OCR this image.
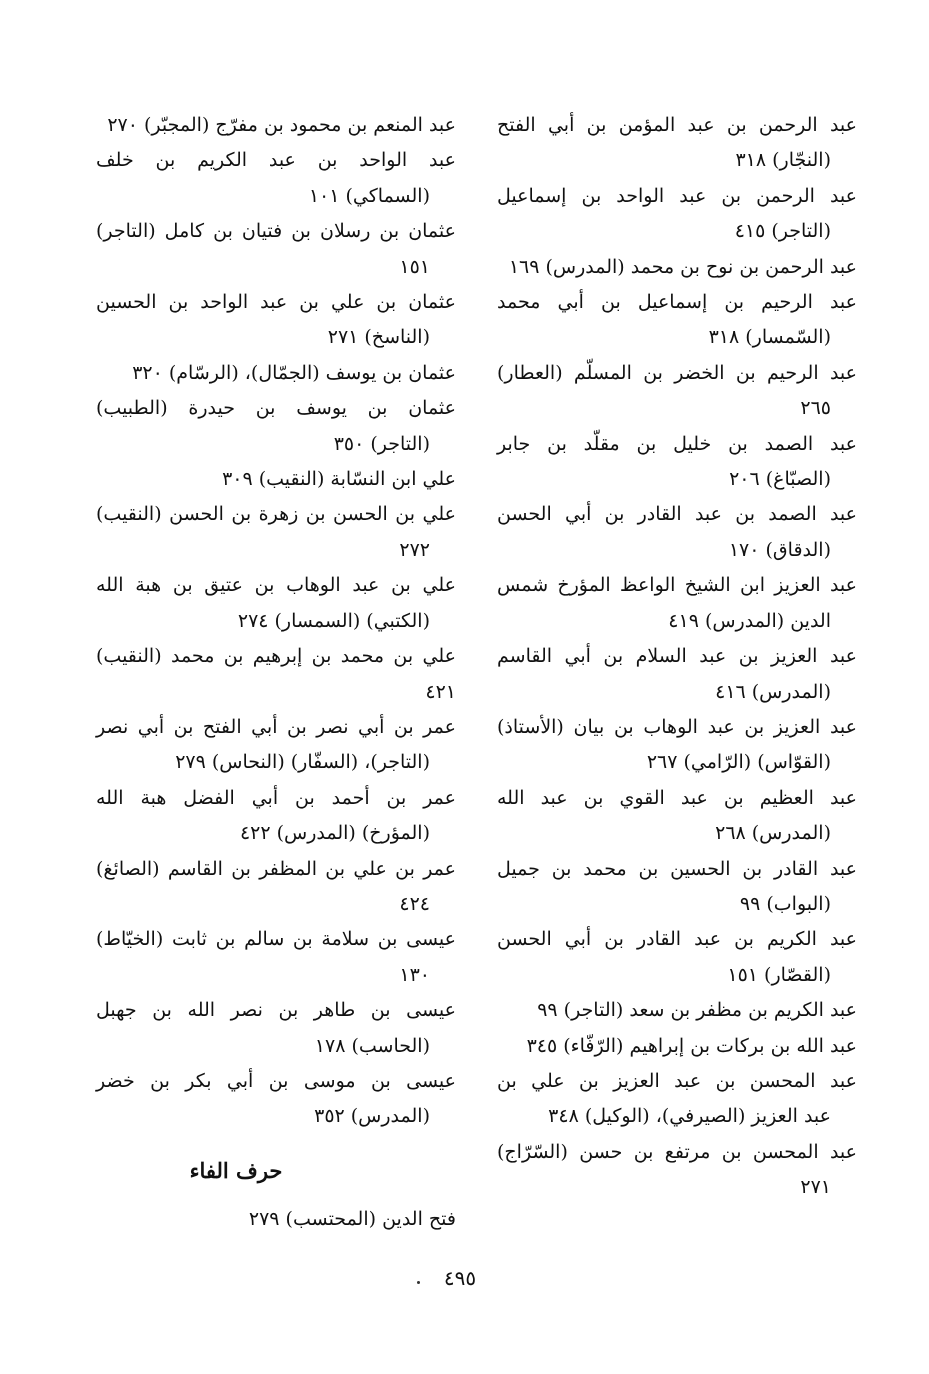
عبد الرحمن بن عبد المؤمن بن أبي الفتح
(النجّار) ٣١٨
عبد الرحمن بن عبد الواحد بن إسماعيل
(التاجر) ٤١٥
عبد الرحمن بن نوح بن محمد (المدرس) ١٦٩
عبد الرحيم بن إسماعيل بن أبي محمد
(السّمسار) ٣١٨
عبد الرحيم بن الخضر بن المسلّم (العطار)
٢٦٥
عبد الصمد بن خليل بن مقلّد بن جابر
(الصبّاغ) ٢٠٦
عبد الصمد بن عبد القادر بن أبي الحسن
(الدقاق) ١٧٠
عبد العزيز ابن الشيخ الواعظ المؤرخ شمس
الدين (المدرس) ٤١٩
عبد العزيز بن عبد السلام بن أبي القاسم
(المدرس) ٤١٦
عبد العزيز بن عبد الوهاب بن بيان (الأستاذ)
(القوّاس) (الرّامي) ٢٦٧
عبد العظيم بن عبد القوي بن عبد الله
(المدرس) ٢٦٨
عبد القادر بن الحسين بن محمد بن جميل
(البواب) ٩٩
عبد الكريم بن عبد القادر بن أبي الحسن
(القصّار) ١٥١
عبد الكريم بن مظفر بن سعد (التاجر) ٩٩
عبد الله بن بركات بن إبراهيم (الرّفّاء) ٣٤٥
عبد المحسن بن عبد العزيز بن علي بن
عبد العزيز (الصيرفي)، (الوكيل) ٣٤٨
عبد المحسن بن مرتفع بن حسن (السّرّاج)
٢٧١
عبد المنعم بن محمود بن مفرّج (المجبّر) ٢٧٠
عبد الواحد بن عبد الكريم بن خلف
(السماكي) ١٠١
عثمان بن رسلان بن فتيان بن كامل (التاجر)
١٥١
عثمان بن علي بن عبد الواحد بن الحسين
(الناسخ) ٢٧١
عثمان بن يوسف (الجمّال)، (الرسّام) ٣٢٠
عثمان بن يوسف بن حيدرة (الطبيب)
(التاجر) ٣٥٠
علي ابن النسّابة (النقيب) ٣٠٩
علي بن الحسن بن زهرة بن الحسن (النقيب)
٢٧٢
علي بن عبد الوهاب بن عتيق بن هبة الله
(الكتبي) (السمسار) ٢٧٤
علي بن محمد بن إبرهيم بن محمد (النقيب) ٤٢١
عمر بن أبي نصر بن أبي الفتح بن أبي نصر
(التاجر)، (السفّار) (النحاس) ٢٧٩
عمر بن أحمد بن أبي الفضل هبة الله
(المؤرخ) (المدرس) ٤٢٢
عمر بن علي بن المظفر بن القاسم (الصائغ)
٤٢٤
عيسى بن سلامة بن سالم بن ثابت (الخيّاط)
١٣٠
عيسى بن طاهر بن نصر الله بن جهبل
(الحاسب) ١٧٨
عيسى بن موسى بن أبي بكر بن خضر
(المدرس) ٣٥٢
حرف الفاء
فتح الدين (المحتسب) ٢٧٩
٤٩٥
